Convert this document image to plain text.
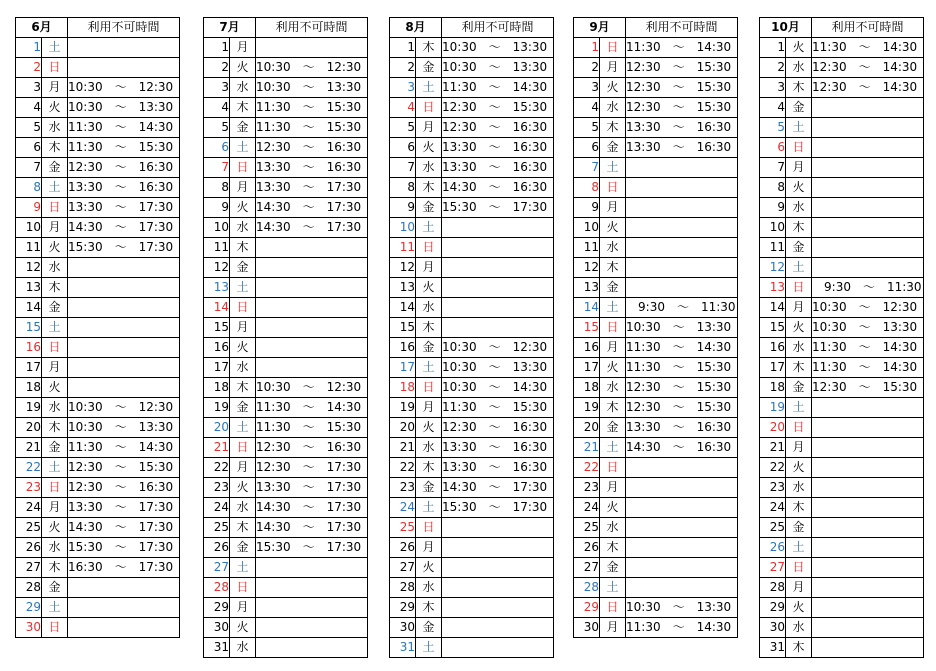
6月		利用不可時間
1	土	
2	日	
3	月	10:30　～　12:30
4	火	10:30　～　13:30
5	水	11:30　～　14:30
6	木	11:30　～　15:30
7	金	12:30　～　16:30
8	土	13:30　～　16:30
9	日	13:30　～　17:30
10	月	14:30　～　17:30
11	火	15:30　～　17:30
12	水	
13	木	
14	金	
15	土	
16	日	
17	月	
18	火	
19	水	10:30　～　12:30
20	木	10:30　～　13:30
21	金	11:30　～　14:30
22	土	12:30　～　15:30
23	日	12:30　～　16:30
24	月	13:30　～　17:30
25	火	14:30　～　17:30
26	水	15:30　～　17:30
27	木	16:30　～　17:30
28	金	
29	土	
30	日	
7月		利用不可時間
1	月	
2	火	10:30　～　12:30
3	水	10:30　～　13:30
4	木	11:30　～　15:30
5	金	11:30　～　15:30
6	土	12:30　～　16:30
7	日	13:30　～　16:30
8	月	13:30　～　17:30
9	火	14:30　～　17:30
10	水	14:30　～　17:30
11	木	
12	金	
13	土	
14	日	
15	月	
16	火	
17	水	
18	木	10:30　～　12:30
19	金	11:30　～　14:30
20	土	11:30　～　15:30
21	日	12:30　～　16:30
22	月	12:30　～　17:30
23	火	13:30　～　17:30
24	水	14:30　～　17:30
25	木	14:30　～　17:30
26	金	15:30　～　17:30
27	土	
28	日	
29	月	
30	火	
31	水	
8月		利用不可時間
1	木	10:30　～　13:30
2	金	10:30　～　13:30
3	土	11:30　～　14:30
4	日	12:30　～　15:30
5	月	12:30　～　16:30
6	火	13:30　～　16:30
7	水	13:30　～　16:30
8	木	14:30　～　16:30
9	金	15:30　～　17:30
10	土	
11	日	
12	月	
13	火	
14	水	
15	木	
16	金	10:30　～　12:30
17	土	10:30　～　13:30
18	日	10:30　～　14:30
19	月	11:30　～　15:30
20	火	12:30　～　16:30
21	水	13:30　～　16:30
22	木	13:30　～　16:30
23	金	14:30　～　17:30
24	土	15:30　～　17:30
25	日	
26	月	
27	火	
28	水	
29	木	
30	金	
31	土	
9月		利用不可時間
1	日	11:30　～　14:30
2	月	12:30　～　15:30
3	火	12:30　～　15:30
4	水	12:30　～　15:30
5	木	13:30　～　16:30
6	金	13:30　～　16:30
7	土	
8	日	
9	月	
10	火	
11	水	
12	木	
13	金	
14	土	　9:30　～　11:30
15	日	10:30　～　13:30
16	月	11:30　～　14:30
17	火	11:30　～　15:30
18	水	12:30　～　15:30
19	木	12:30　～　15:30
20	金	13:30　～　16:30
21	土	14:30　～　16:30
22	日	
23	月	
24	火	
25	水	
26	木	
27	金	
28	土	
29	日	10:30　～　13:30
30	月	11:30　～　14:30
10月		利用不可時間
1	火	11:30　～　14:30
2	水	12:30　～　14:30
3	木	12:30　～　14:30
4	金	
5	土	
6	日	
7	月	
8	火	
9	水	
10	木	
11	金	
12	土	
13	日	　9:30　～　11:30
14	月	10:30　～　12:30
15	火	10:30　～　13:30
16	水	11:30　～　14:30
17	木	11:30　～　14:30
18	金	12:30　～　15:30
19	土	
20	日	
21	月	
22	火	
23	水	
24	木	
25	金	
26	土	
27	日	
28	月	
29	火	
30	水	
31	木	
